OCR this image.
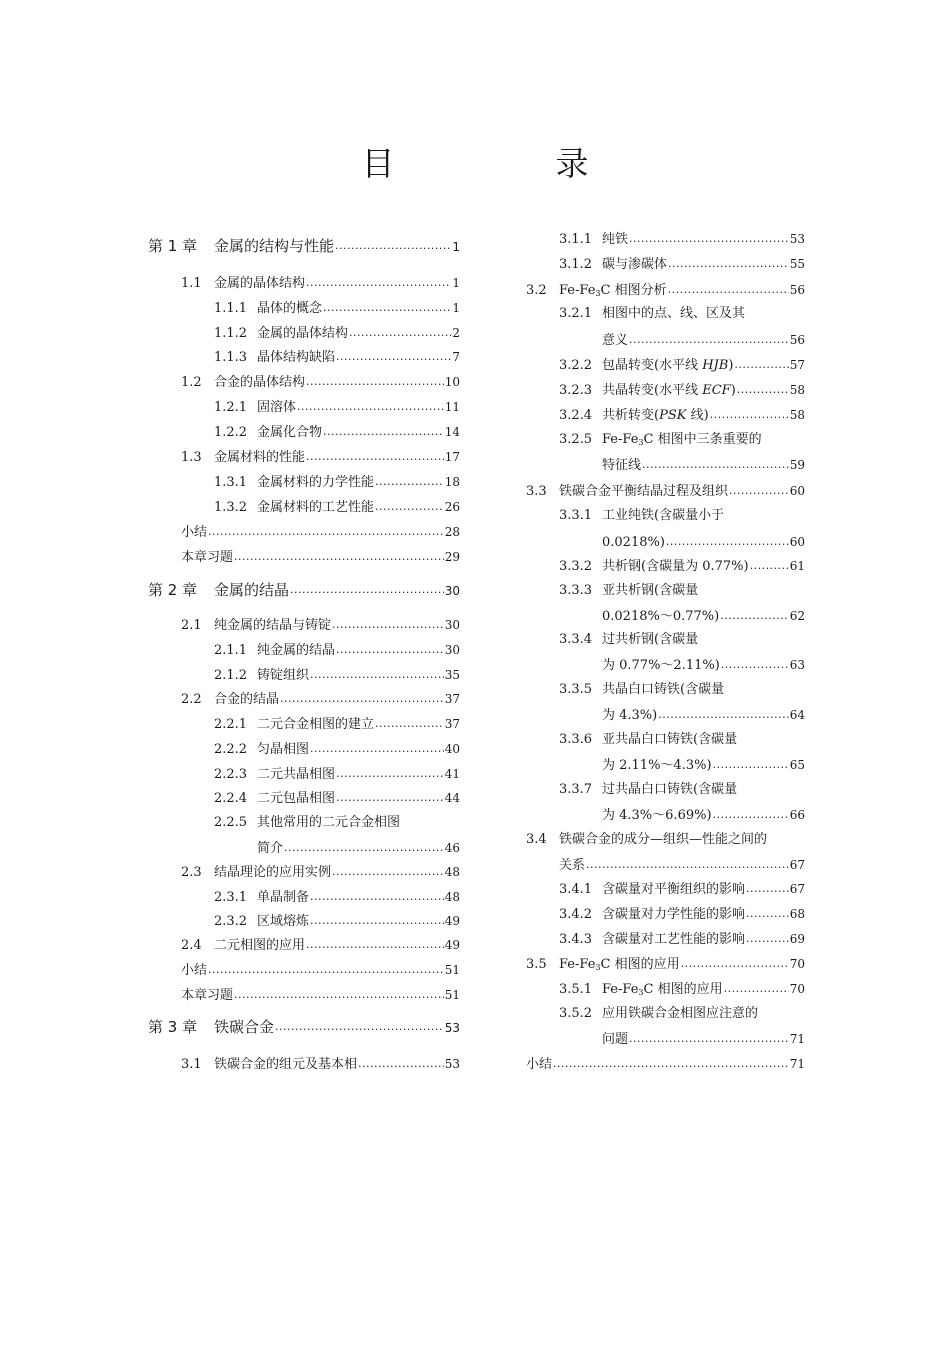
目　录
第 1 章	金属的结构与性能 .....	1
1.1 金属的晶体结构 .....	1
1.1.1 晶体的概念 .....	1
1.1.2 金属的晶体结构 .....	2
1.1.3 晶体结构缺陷 .....	7
1.2 合金的晶体结构 .....	10
1.2.1 固溶体 .....	11
1.2.2 金属化合物 .....	14
1.3 金属材料的性能 .....	17
1.3.1 金属材料的力学性能 .....	18
1.3.2 金属材料的工艺性能 .....	26
小结 .....	28
本章习题 .....	29
第 2 章	金属的结晶 .....	30
2.1 纯金属的结晶与铸锭 .....	30
2.1.1 纯金属的结晶 .....	30
2.1.2 铸锭组织 .....	35
2.2 合金的结晶 .....	37
2.2.1 二元合金相图的建立 .....	37
2.2.2 匀晶相图 .....	40
2.2.3 二元共晶相图 .....	41
2.2.4 二元包晶相图 .....	44
2.2.5 其他常用的二元合金相图
简介 .....	46
2.3 结晶理论的应用实例 .....	48
2.3.1 单晶制备 .....	48
2.3.2 区域熔炼 .....	49
2.4 二元相图的应用 .....	49
小结 .....	51
本章习题 .....	51
第 3 章	铁碳合金 .....	53
3.1 铁碳合金的组元及基本相 .....	53
3.1.1 纯铁 .....	53
3.1.2 碳与渗碳体 .....	55
3.2 $Fe-Fe_3C$ 相图分析 .....	56
3.2.1 相图中的点、线、区及其
意义 .....	56
3.2.2 包晶转变(水平线 HJB) .....	57
3.2.3 共晶转变(水平线 ECF) .....	58
3.2.4 共析转变(PSK 线) .....	58
3.2.5 $Fe-Fe_3C$ 相图中三条重要的
特征线 .....	59
3.3 铁碳合金平衡结晶过程及组织 .....	60
3.3.1 工业纯铁(含碳量小于
0.0218%) .....	60
3.3.2 共析钢(含碳量为 0.77%) .....	61
3.3.3 亚共析钢(含碳量
0.0218%～0.77%) .....	62
3.3.4 过共析钢(含碳量
为 0.77%～2.11%) .....	63
3.3.5 共晶白口铸铁(含碳量
为 4.3%) .....	64
3.3.6 亚共晶白口铸铁(含碳量
为 2.11%～4.3%) .....	65
3.3.7 过共晶白口铸铁(含碳量
为 4.3%～6.69%) .....	66
3.4 铁碳合金的成分—组织—性能之间的
关系 .....	67
3.4.1 含碳量对平衡组织的影响 .....	67
3.4.2 含碳量对力学性能的影响 .....	68
3.4.3 含碳量对工艺性能的影响 .....	69
3.5 $Fe-Fe_3C$ 相图的应用 .....	70
3.5.1 $Fe-Fe_3C$ 相图的应用 .....	70
3.5.2 应用铁碳合金相图应注意的
问题 .....	71
小结 .....	71
